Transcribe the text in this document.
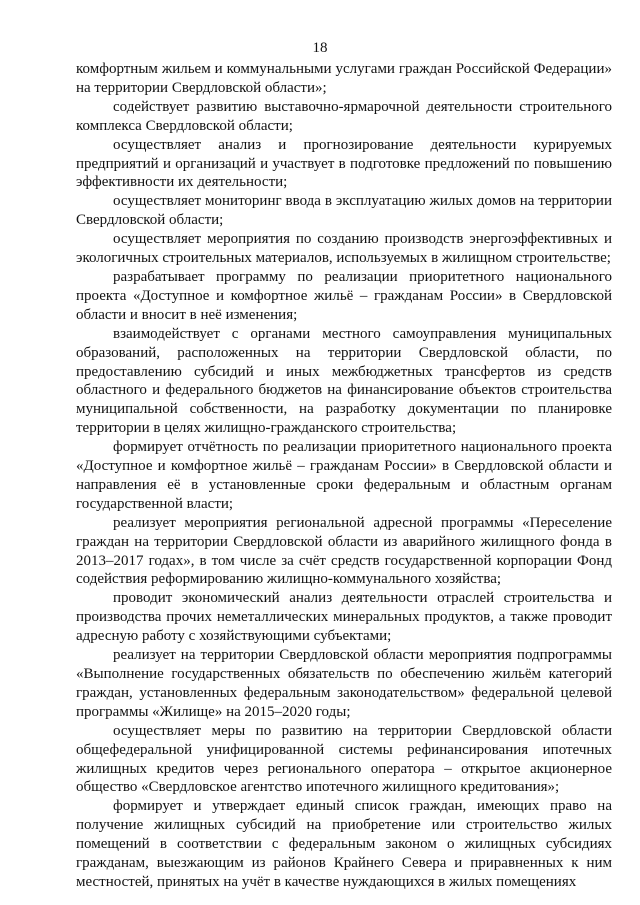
18

комфортным жильем и коммунальными услугами граждан Российской Федерации» на территории Свердловской области»;

содействует развитию выставочно-ярмарочной деятельности строительного комплекса Свердловской области;

осуществляет анализ и прогнозирование деятельности курируемых предприятий и организаций и участвует в подготовке предложений по повышению эффективности их деятельности;

осуществляет мониторинг ввода в эксплуатацию жилых домов на территории Свердловской области;

осуществляет мероприятия по созданию производств энергоэффективных и экологичных строительных материалов, используемых в жилищном строительстве;

разрабатывает программу по реализации приоритетного национального проекта «Доступное и комфортное жильё – гражданам России» в Свердловской области и вносит в неё изменения;

взаимодействует с органами местного самоуправления муниципальных образований, расположенных на территории Свердловской области, по предоставлению субсидий и иных межбюджетных трансфертов из средств областного и федерального бюджетов на финансирование объектов строительства муниципальной собственности, на разработку документации по планировке территории в целях жилищно-гражданского строительства;

формирует отчётность по реализации приоритетного национального проекта «Доступное и комфортное жильё – гражданам России» в Свердловской области и направления её в установленные сроки федеральным и областным органам государственной власти;

реализует мероприятия региональной адресной программы «Переселение граждан на территории Свердловской области из аварийного жилищного фонда в 2013–2017 годах», в том числе за счёт средств государственной корпорации Фонд содействия реформированию жилищно-коммунального хозяйства;

проводит экономический анализ деятельности отраслей строительства и производства прочих неметаллических минеральных продуктов, а также проводит адресную работу с хозяйствующими субъектами;

реализует на территории Свердловской области мероприятия подпрограммы «Выполнение государственных обязательств по обеспечению жильём категорий граждан, установленных федеральным законодательством» федеральной целевой программы «Жилище» на 2015–2020 годы;

осуществляет меры по развитию на территории Свердловской области общефедеральной унифицированной системы рефинансирования ипотечных жилищных кредитов через регионального оператора – открытое акционерное общество «Свердловское агентство ипотечного жилищного кредитования»;

формирует и утверждает единый список граждан, имеющих право на получение жилищных субсидий на приобретение или строительство жилых помещений в соответствии с федеральным законом о жилищных субсидиях гражданам, выезжающим из районов Крайнего Севера и приравненных к ним местностей, принятых на учёт в качестве нуждающихся в жилых помещениях
